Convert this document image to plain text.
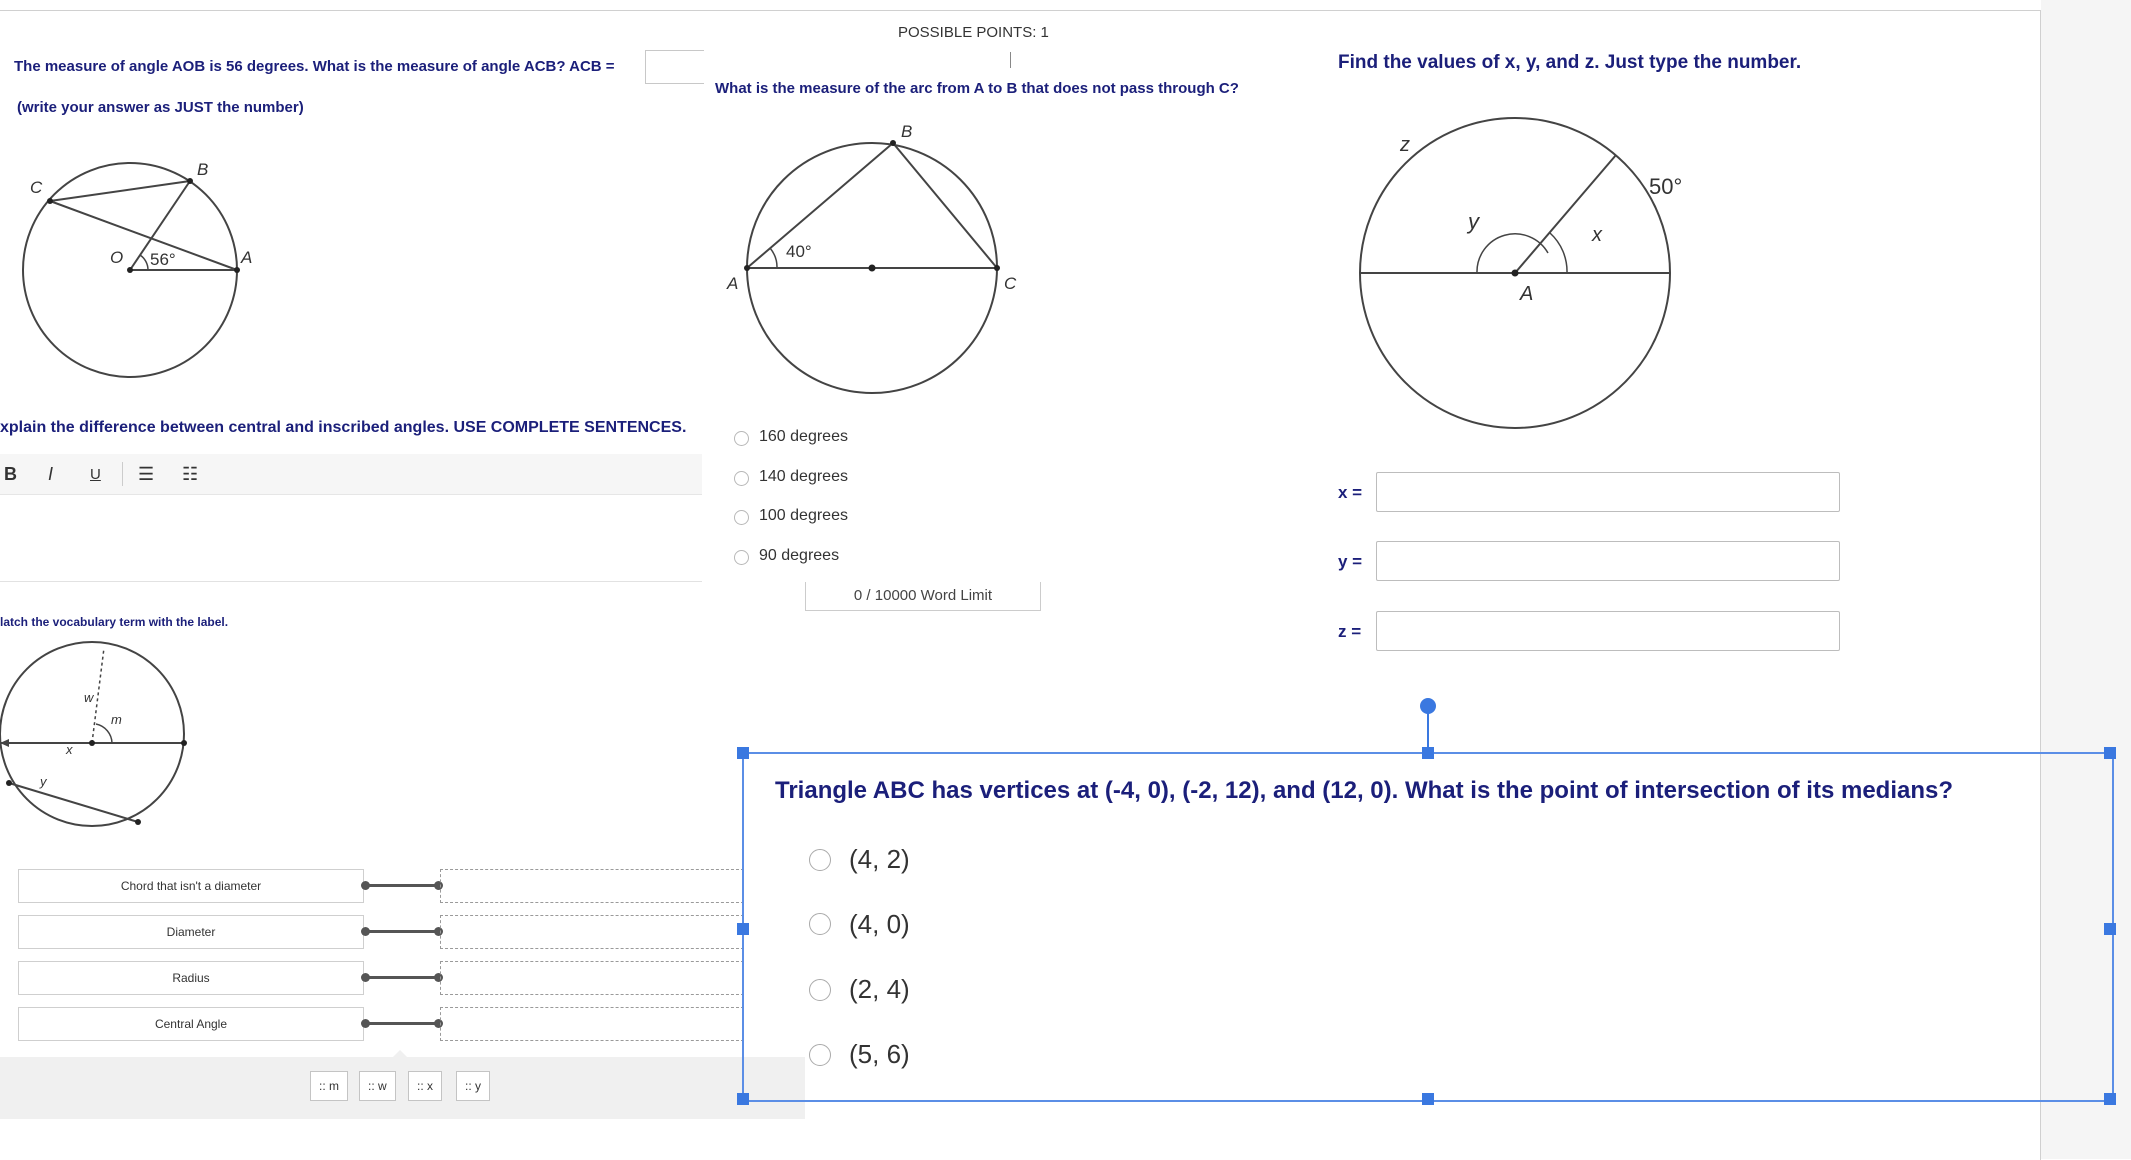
POSSIBLE POINTS: 1
The measure of angle AOB is 56 degrees. What is the measure of angle ACB? ACB =
(write your answer as JUST the number)
C
B
O 56°	A
What is the measure of the arc from A to B that does not pass through C?
B
A	C
40°
160 degrees
140 degrees
100 degrees
90 degrees
Find the values of x, y, and z. Just type the number.
z
y
x
A
50°
x =
y =
z =
xplain the difference between central and inscribed angles. USE COMPLETE SENTENCES.
B I U ☰ ☷
0 / 10000 Word Limit
latch the vocabulary term with the label.
w
m
x
y
Chord that isn't a diameter
Diameter
Radius
Central Angle
:: m	:: w	:: x	:: y
Triangle ABC has vertices at (-4, 0), (-2, 12), and (12, 0). What is the point of intersection of its medians?
(4, 2)
(4, 0)
(2, 4)
(5, 6)
